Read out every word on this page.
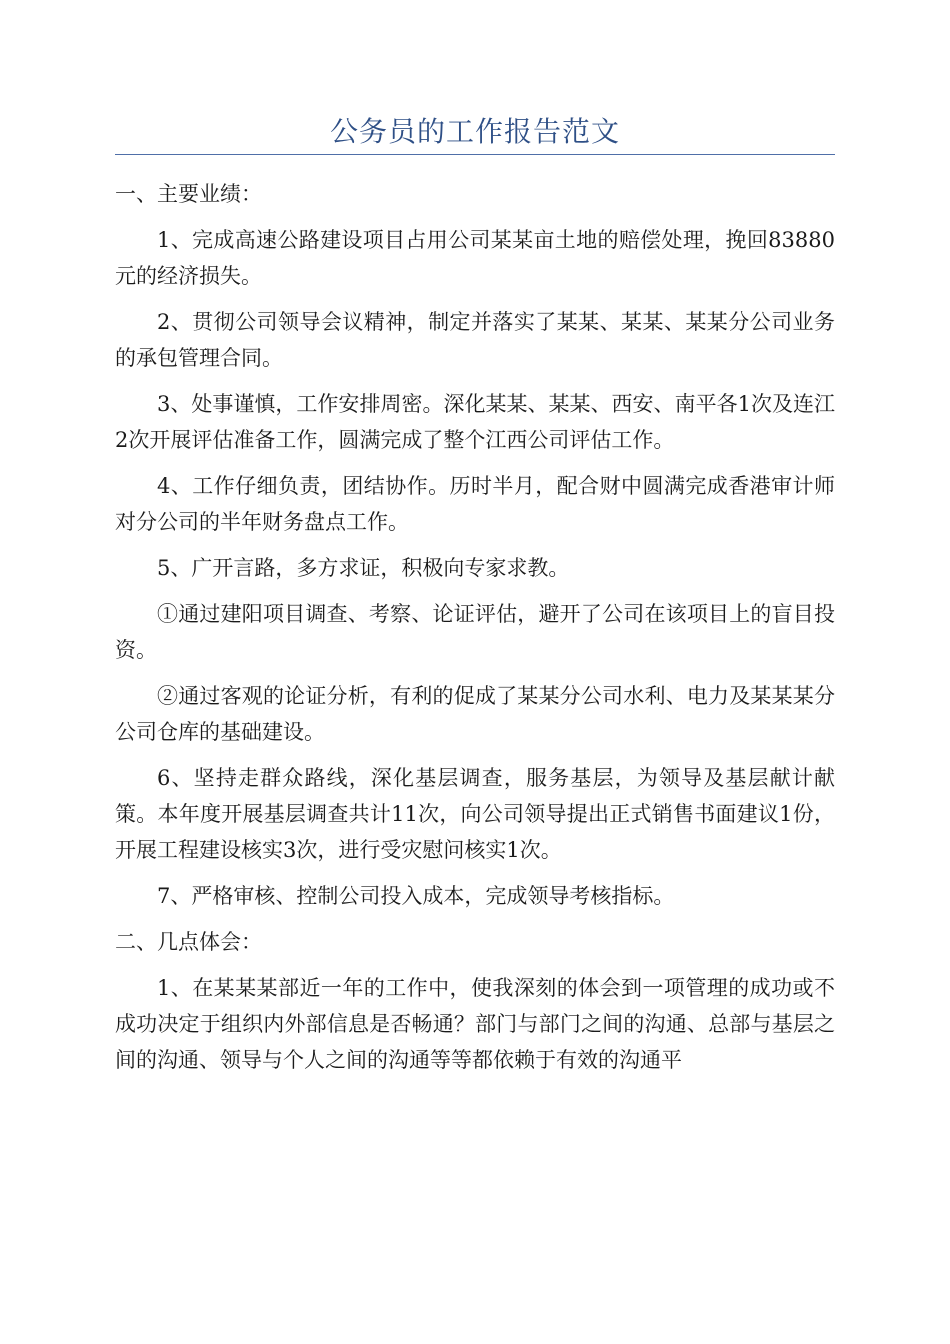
公务员的工作报告范文

一、主要业绩：

1、完成高速公路建设项目占用公司某某亩土地的赔偿处理，挽回83880元的经济损失。

2、贯彻公司领导会议精神，制定并落实了某某、某某、某某分公司业务的承包管理合同。

3、处事谨慎，工作安排周密。深化某某、某某、西安、南平各1次及连江2次开展评估准备工作，圆满完成了整个江西公司评估工作。

4、工作仔细负责，团结协作。历时半月，配合财中圆满完成香港审计师对分公司的半年财务盘点工作。

5、广开言路，多方求证，积极向专家求教。

①通过建阳项目调查、考察、论证评估，避开了公司在该项目上的盲目投资。

②通过客观的论证分析，有利的促成了某某分公司水利、电力及某某某分公司仓库的基础建设。

6、坚持走群众路线，深化基层调查，服务基层，为领导及基层献计献策。本年度开展基层调查共计11次，向公司领导提出正式销售书面建议1份，开展工程建设核实3次，进行受灾慰问核实1次。

7、严格审核、控制公司投入成本，完成领导考核指标。

二、几点体会：

1、在某某某部近一年的工作中，使我深刻的体会到一项管理的成功或不成功决定于组织内外部信息是否畅通？部门与部门之间的沟通、总部与基层之间的沟通、领导与个人之间的沟通等等都依赖于有效的沟通平
